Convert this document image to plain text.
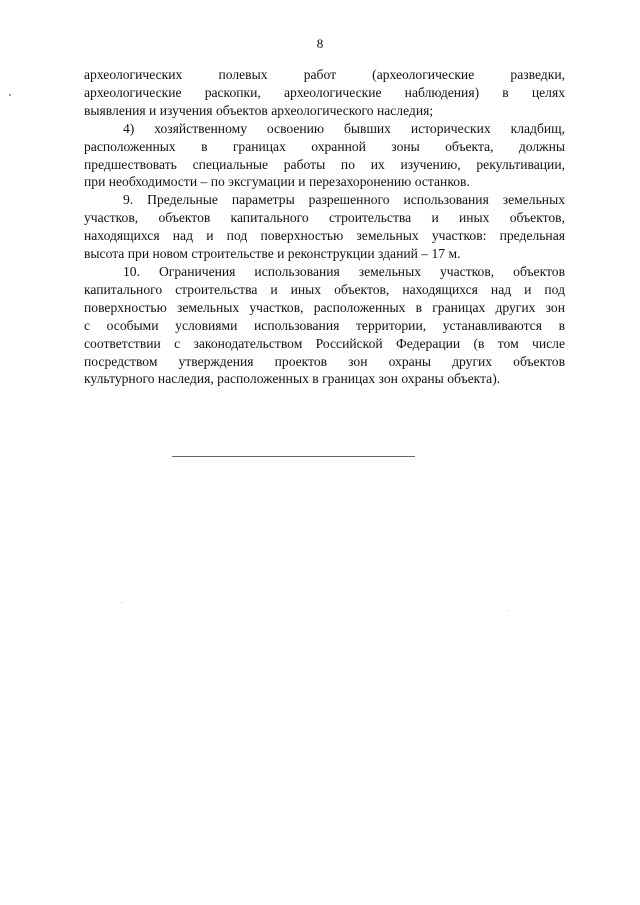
8

археологических полевых работ (археологические разведки,
археологические раскопки, археологические наблюдения) в целях
выявления и изучения объектов археологического наследия;

4) хозяйственному освоению бывших исторических кладбищ,
расположенных в границах охранной зоны объекта, должны
предшествовать специальные работы по их изучению, рекультивации,
при необходимости – по эксгумации и перезахоронению останков.

9. Предельные параметры разрешенного использования земельных
участков, объектов капитального строительства и иных объектов,
находящихся над и под поверхностью земельных участков: предельная
высота при новом строительстве и реконструкции зданий – 17 м.

10. Ограничения использования земельных участков, объектов
капитального строительства и иных объектов, находящихся над и под
поверхностью земельных участков, расположенных в границах других зон
с особыми условиями использования территории, устанавливаются в
соответствии с законодательством Российской Федерации (в том числе
посредством утверждения проектов зон охраны других объектов
культурного наследия, расположенных в границах зон охраны объекта).
